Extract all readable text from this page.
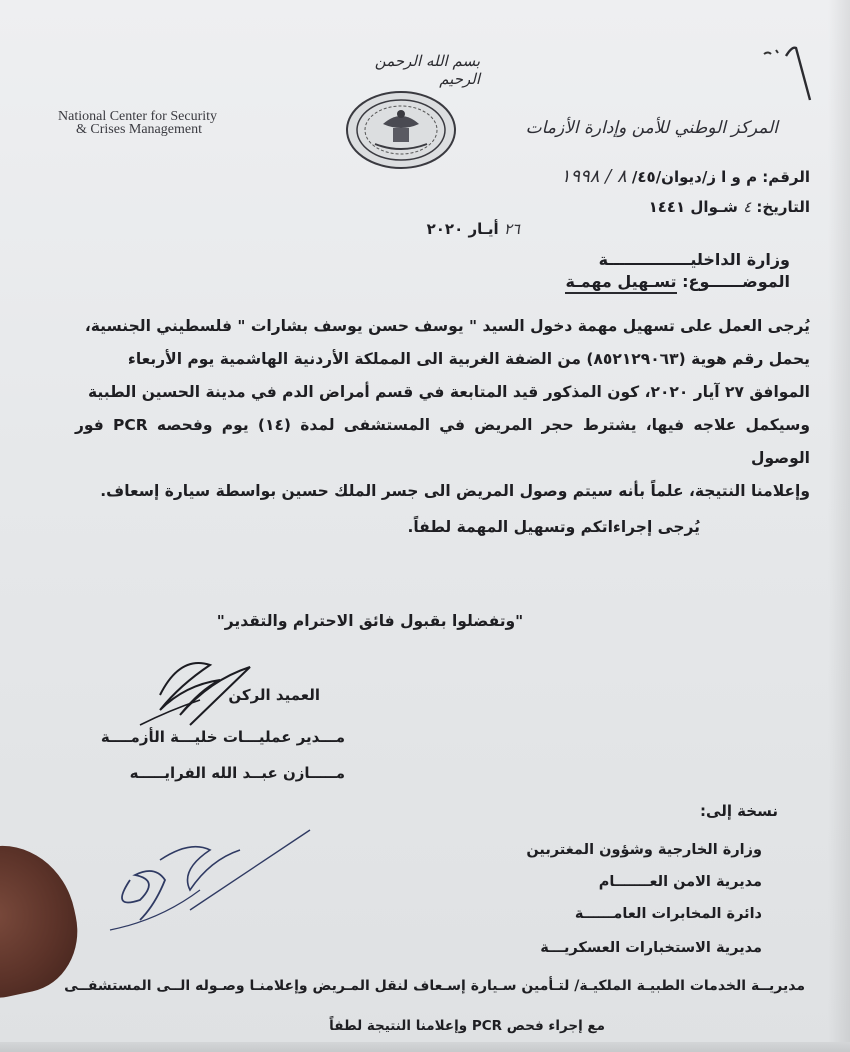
بسم الله الرحمن الرحيم
National Center for Security
& Crises Management	المركز الوطني للأمن وإدارة الأزمات
الرقم: م و ا ز/ديوان/٤٥/ ٨ / ١٩٩٨
التاريخ: ٤ شـوال ١٤٤١
٢٦ أيـار ٢٠٢٠
وزارة الداخليـــــــــــــــة
الموضــــــوع: تسـهيل مهمـة

يُرجى العمل على تسهيل مهمة دخول السيد " يوسف حسن يوسف بشارات " فلسطيني الجنسية،

يحمل رقم هوية (٨٥٢١٢٩٠٦٣) من الضفة الغربية الى المملكة الأردنية الهاشمية يوم الأربعاء

الموافق ٢٧ آيار ٢٠٢٠، كون المذكور قيد المتابعة في قسم أمراض الدم في مدينة الحسين الطبية

وسيكمل علاجه فيها، يشترط حجر المريض في المستشفى لمدة (١٤) يوم وفحصه PCR فور الوصول

وإعلامنا النتيجة، علماً بأنه سيتم وصول المريض الى جسر الملك حسين بواسطة سيارة إسعاف.

يُرجى إجراءاتكم وتسهيل المهمة لطفاً.
"وتفضلوا بقبول فائق الاحترام والتقدير"
العميد الركن
مـــدير عمليـــات خليـــة الأزمــــة
مـــــازن عبــد الله الفرايـــــه
نسخة إلى:
وزارة الخارجية وشؤون المغتربين
مديرية الامن العـــــــام
دائرة المخابرات العامــــــة
مديرية الاستخبارات العسكريـــة
مديريــة الخدمات الطبيـة الملكيـة/ لتـأمين سـيارة إسـعاف لنقل المـريض وإعلامنـا وصـوله الــى المستشفــى
مع إجراء فحص PCR وإعلامنا النتيجة لطفاً
